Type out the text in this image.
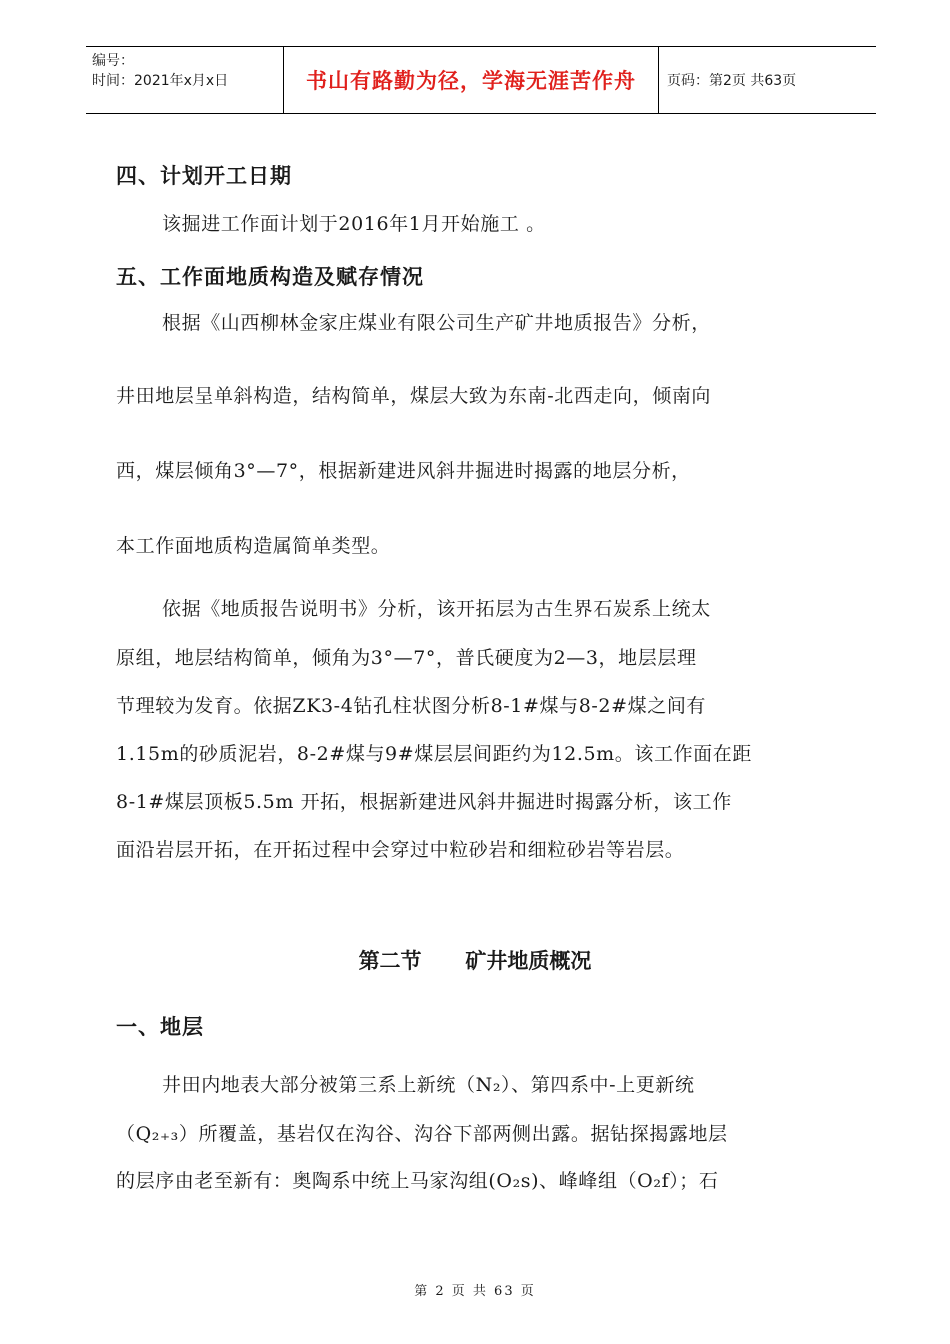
编号：
时间：2021年x月x日	书山有路勤为径，学海无涯苦作舟	页码：第2页 共63页
四、计划开工日期
该掘进工作面计划于2016年1月开始施工 。
五、工作面地质构造及赋存情况
根据《山西柳林金家庄煤业有限公司生产矿井地质报告》分析，
井田地层呈单斜构造，结构简单，煤层大致为东南-北西走向，倾南向
西，煤层倾角3°—7°，根据新建进风斜井掘进时揭露的地层分析，
本工作面地质构造属简单类型。
依据《地质报告说明书》分析，该开拓层为古生界石炭系上统太
原组，地层结构简单，倾角为3°—7°，普氏硬度为2—3，地层层理
节理较为发育。依据ZK3-4钻孔柱状图分析8-1#煤与8-2#煤之间有
1.15m的砂质泥岩，8-2#煤与9#煤层层间距约为12.5m。该工作面在距
8-1#煤层顶板5.5m 开拓，根据新建进风斜井掘进时揭露分析，该工作
面沿岩层开拓，在开拓过程中会穿过中粒砂岩和细粒砂岩等岩层。
第二节      矿井地质概况
一、地层
井田内地表大部分被第三系上新统（N₂）、第四系中-上更新统
（Q₂₊₃）所覆盖，基岩仅在沟谷、沟谷下部两侧出露。据钻探揭露地层
的层序由老至新有：奥陶系中统上马家沟组(O₂s)、峰峰组（O₂f）；石
第 2 页 共 63 页
